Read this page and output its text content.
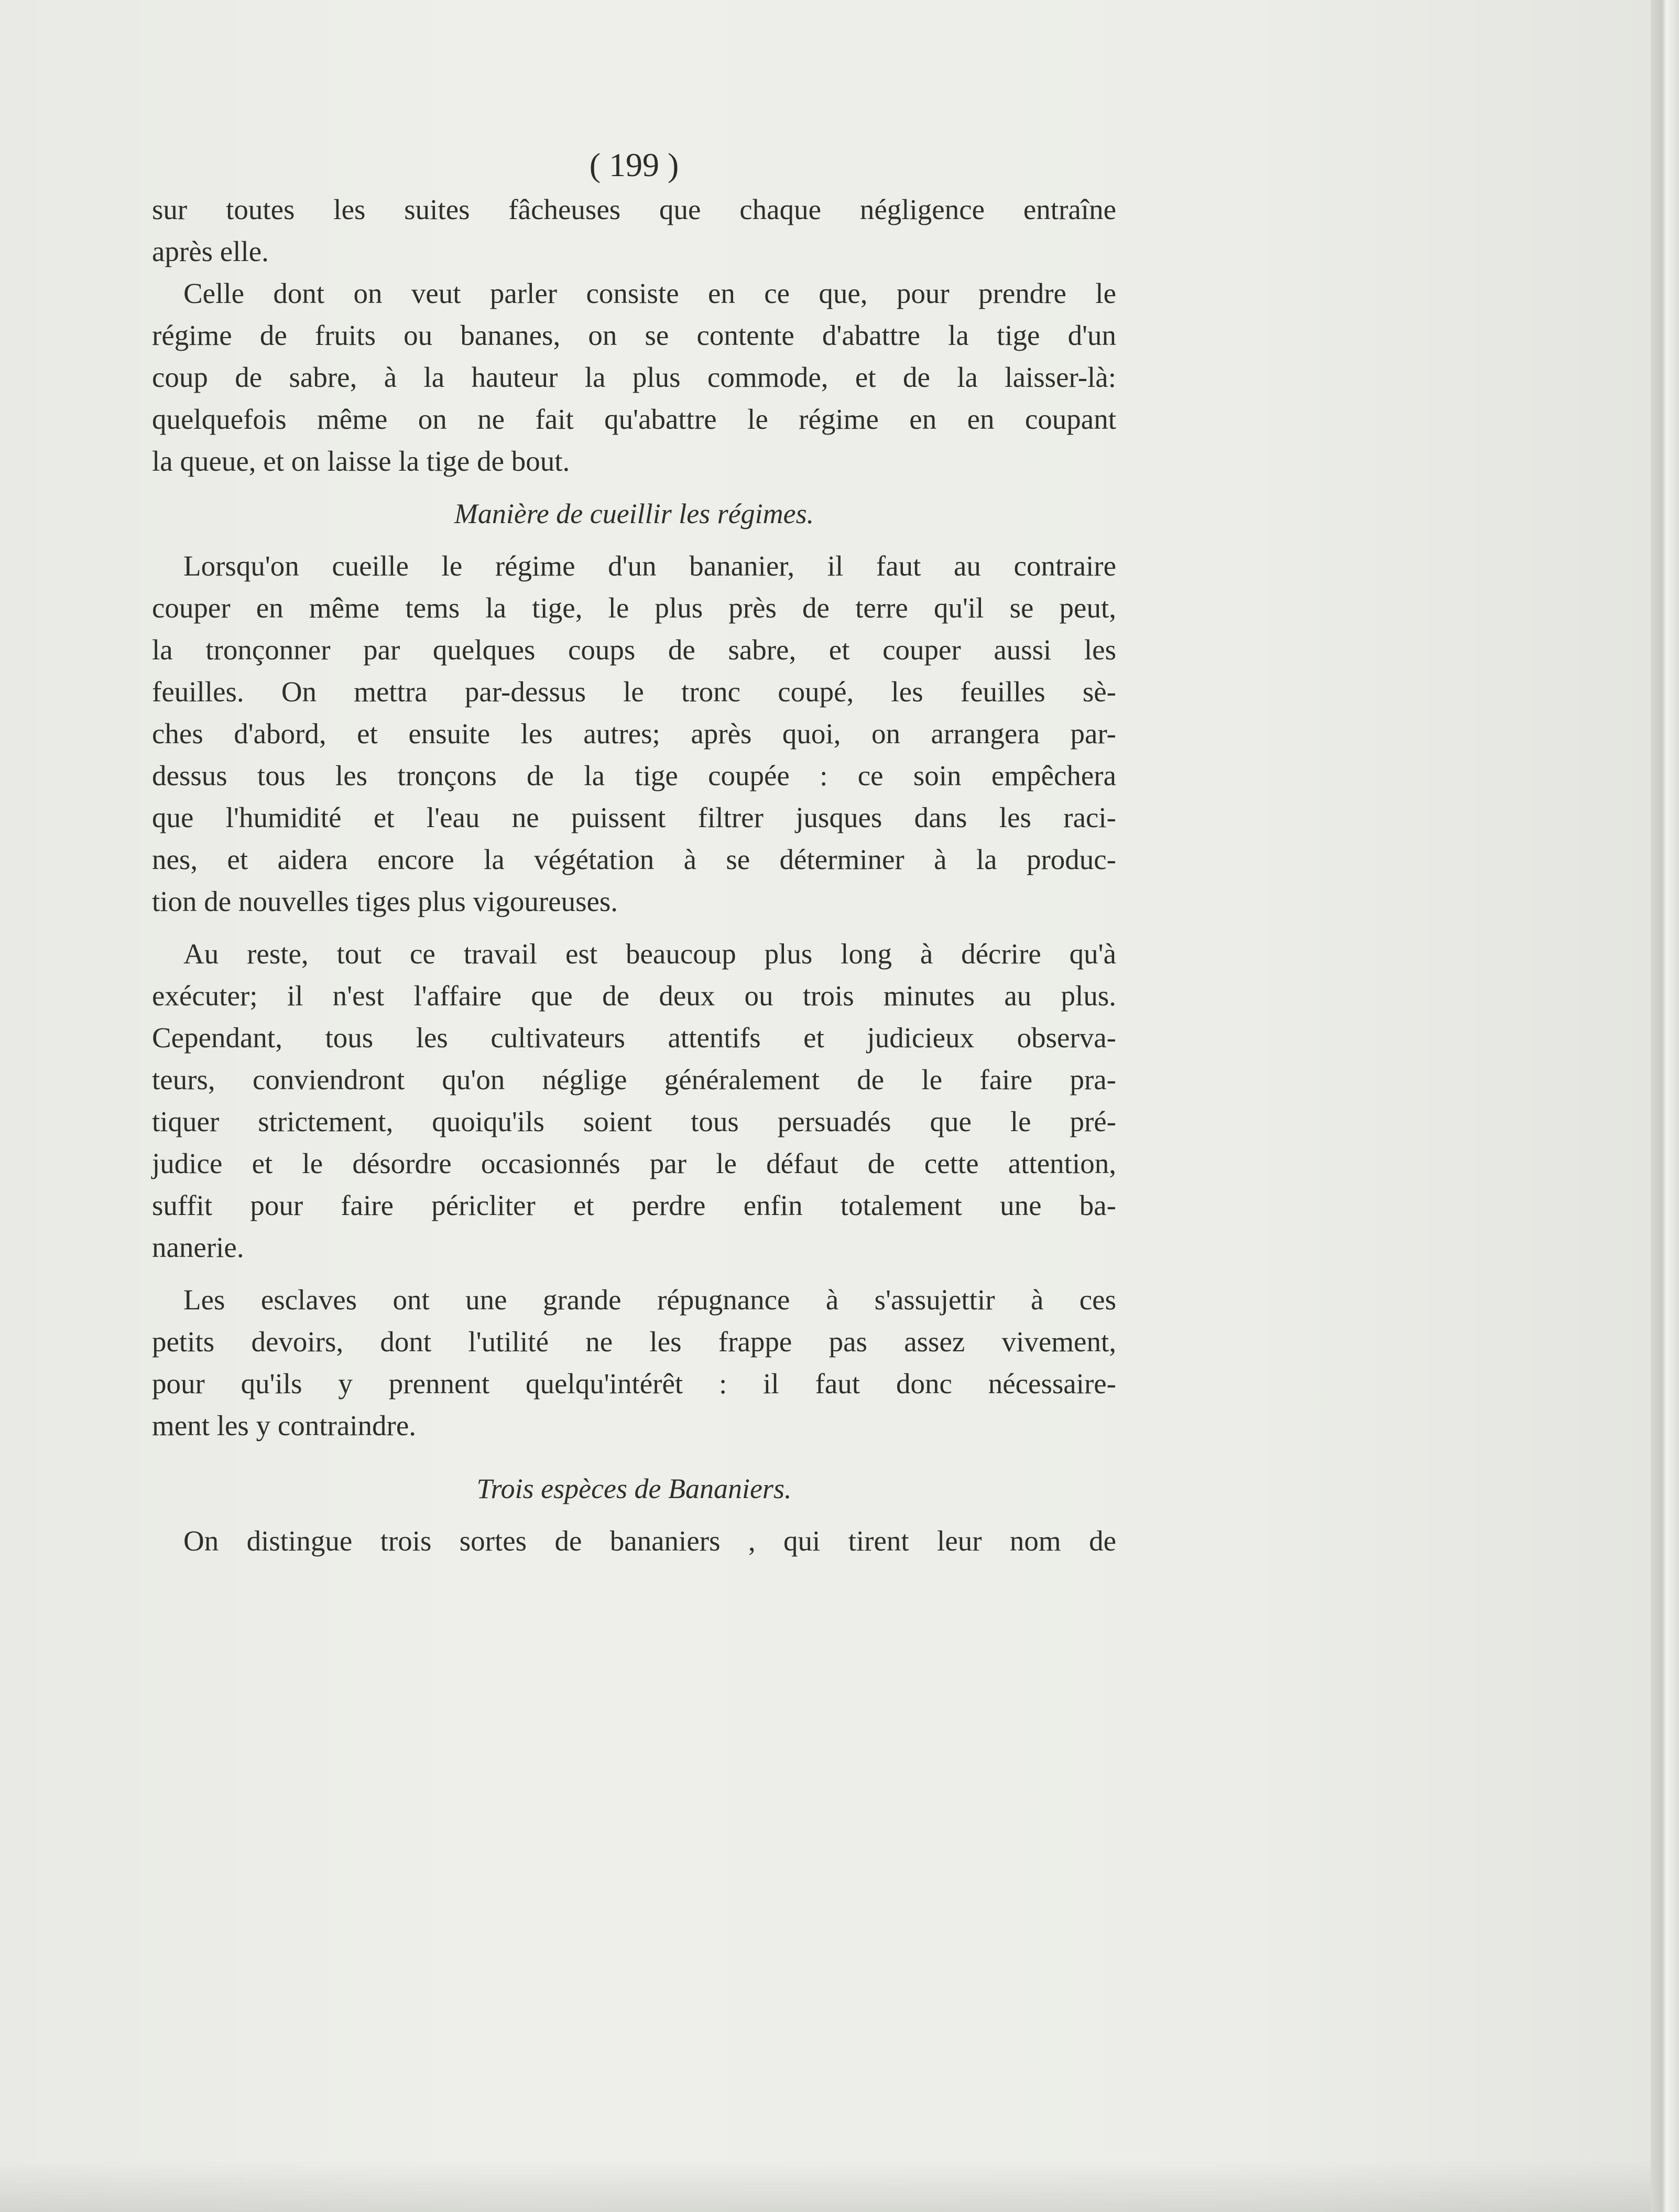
( 199 )
sur toutes les suites fâcheuses que chaque négligence entraîne
après elle.
Celle dont on veut parler consiste en ce que, pour prendre le
régime de fruits ou bananes, on se contente d'abattre la tige d'un
coup de sabre, à la hauteur la plus commode, et de la laisser-là:
quelquefois même on ne fait qu'abattre le régime en en coupant
la queue, et on laisse la tige de bout.
Manière de cueillir les régimes.
Lorsqu'on cueille le régime d'un bananier, il faut au contraire
couper en même tems la tige, le plus près de terre qu'il se peut,
la tronçonner par quelques coups de sabre, et couper aussi les
feuilles. On mettra par-dessus le tronc coupé, les feuilles sè-
ches d'abord, et ensuite les autres; après quoi, on arrangera par-
dessus tous les tronçons de la tige coupée : ce soin empêchera
que l'humidité et l'eau ne puissent filtrer jusques dans les raci-
nes, et aidera encore la végétation à se déterminer à la produc-
tion de nouvelles tiges plus vigoureuses.
Au reste, tout ce travail est beaucoup plus long à décrire qu'à
exécuter; il n'est l'affaire que de deux ou trois minutes au plus.
Cependant, tous les cultivateurs attentifs et judicieux observa-
teurs, conviendront qu'on néglige généralement de le faire pra-
tiquer strictement, quoiqu'ils soient tous persuadés que le pré-
judice et le désordre occasionnés par le défaut de cette attention,
suffit pour faire péricliter et perdre enfin totalement une ba-
nanerie.
Les esclaves ont une grande répugnance à s'assujettir à ces
petits devoirs, dont l'utilité ne les frappe pas assez vivement,
pour qu'ils y prennent quelqu'intérêt : il faut donc nécessaire-
ment les y contraindre.
Trois espèces de Bananiers.
On distingue trois sortes de bananiers , qui tirent leur nom de
